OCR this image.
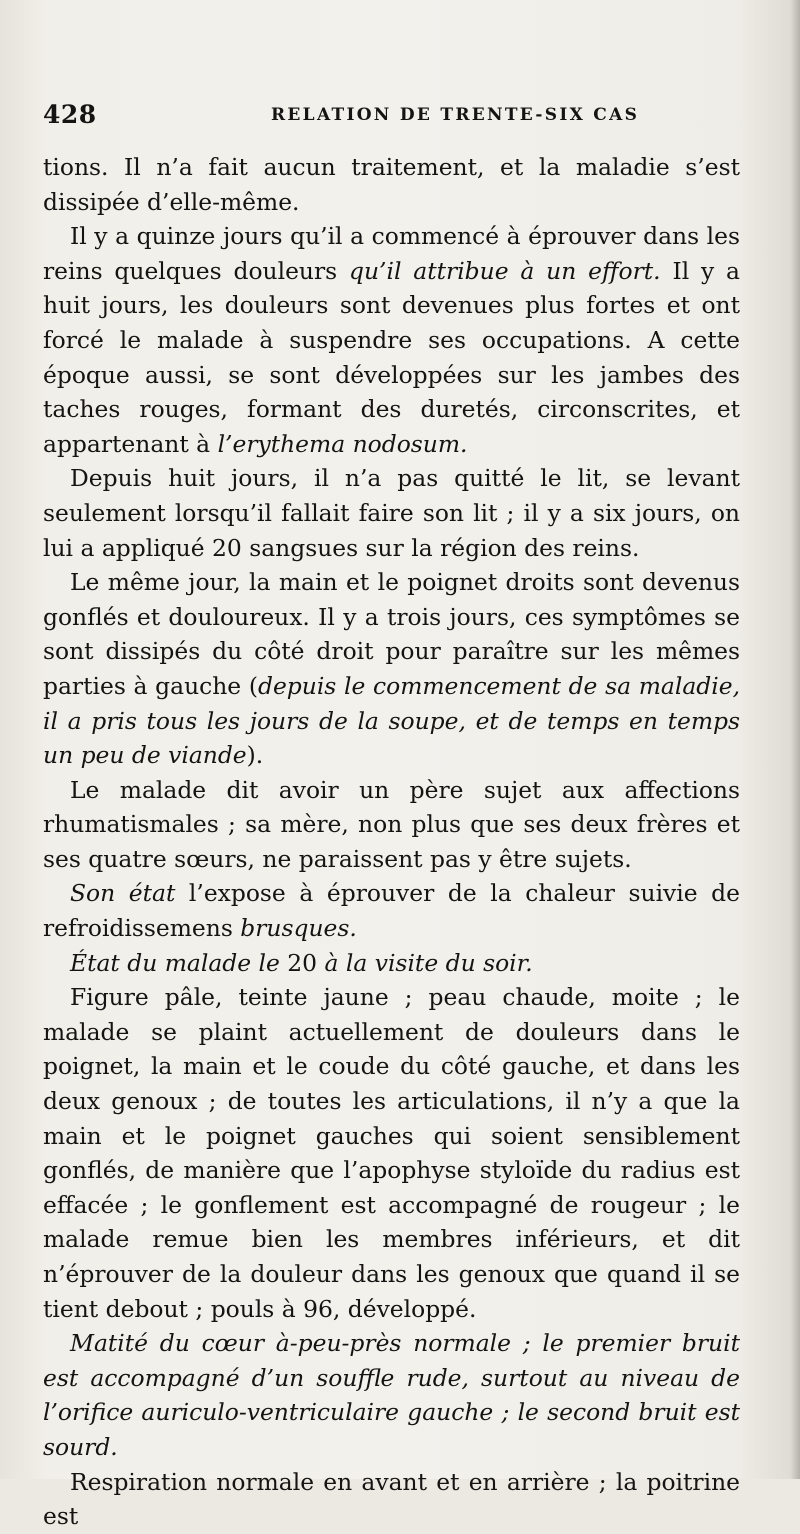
428	RELATION DE TRENTE-SIX CAS

tions. Il n’a fait aucun traitement, et la maladie s’est dissipée d’elle-même.

Il y a quinze jours qu’il a commencé à éprouver dans les reins quelques douleurs qu’il attribue à un effort. Il y a huit jours, les douleurs sont devenues plus fortes et ont forcé le malade à suspendre ses occupations. A cette époque aussi, se sont développées sur les jambes des taches rouges, formant des duretés, circonscrites, et appartenant à l’erythema nodosum.

Depuis huit jours, il n’a pas quitté le lit, se levant seulement lorsqu’il fallait faire son lit ; il y a six jours, on lui a appliqué 20 sangsues sur la région des reins.

Le même jour, la main et le poignet droits sont devenus gonflés et douloureux. Il y a trois jours, ces symptômes se sont dissipés du côté droit pour paraître sur les mêmes parties à gauche (depuis le commencement de sa maladie, il a pris tous les jours de la soupe, et de temps en temps un peu de viande).

Le malade dit avoir un père sujet aux affections rhumatismales ; sa mère, non plus que ses deux frères et ses quatre sœurs, ne paraissent pas y être sujets.

Son état l’expose à éprouver de la chaleur suivie de refroidissemens brusques.

État du malade le 20 à la visite du soir.

Figure pâle, teinte jaune ; peau chaude, moite ; le malade se plaint actuellement de douleurs dans le poignet, la main et le coude du côté gauche, et dans les deux genoux ; de toutes les articulations, il n’y a que la main et le poignet gauches qui soient sensiblement gonflés, de manière que l’apophyse styloïde du radius est effacée ; le gonflement est accompagné de rougeur ; le malade remue bien les membres inférieurs, et dit n’éprouver de la douleur dans les genoux que quand il se tient debout ; pouls à 96, développé.

Matité du cœur à-peu-près normale ; le premier bruit est accompagné d’un souffle rude, surtout au niveau de l’orifice auriculo-ventriculaire gauche ; le second bruit est sourd.

Respiration normale en avant et en arrière ; la poitrine est
